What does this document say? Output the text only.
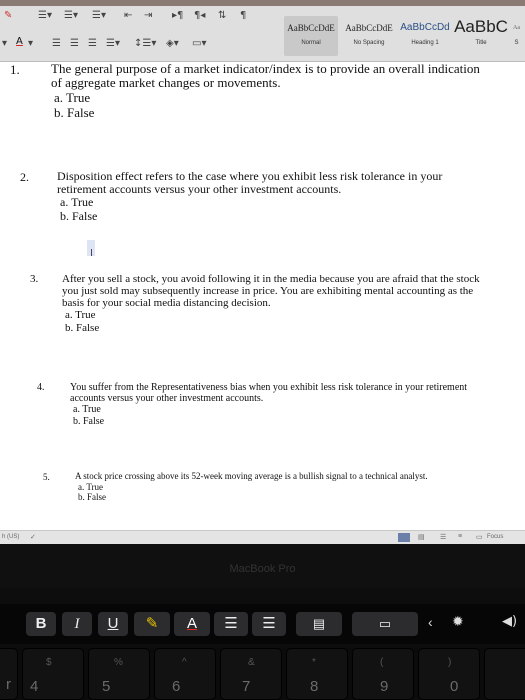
✎	☰▾ ☰▾ ☰▾ ⇤ ⇥ ▸¶ ¶◂ ⇅ ¶
▾ A ▾ ☰ ☰ ☰ ☰▾ ↕☰▾ ◈▾ ▭▾
AaBbCcDdE
Normal
AaBbCcDdE
No Spacing
AaBbCcDd
Heading 1
AaBbC
Title
Aa
S
1. The general purpose of a market indicator/index is to provide an overall indication of aggregate market changes or movements.
a. True
b. False
2. Disposition effect refers to the case where you exhibit less risk tolerance in your retirement accounts versus your other investment accounts.
a. True
b. False
I
3. After you sell a stock, you avoid following it in the media because you are afraid that the stock you just sold may subsequently increase in price. You are exhibiting mental accounting as the basis for your social media distancing decision.
a. True
b. False
4.	You suffer from the Representativeness bias when you exhibit less risk tolerance in your retirement accounts versus your other investment accounts.
a. True
b. False
5.	A stock price crossing above its 52-week moving average is a bullish signal to a technical analyst.
a. True
b. False
h (US) ✓	▤ ☰ ≡ ▭ Focus
MacBook Pro
B	I	U	✎	A	☰	☰	▤	▭	‹ ✹	◀)
r
$
4
%
5
^
6
&
7
*
8
(
9
)
0
